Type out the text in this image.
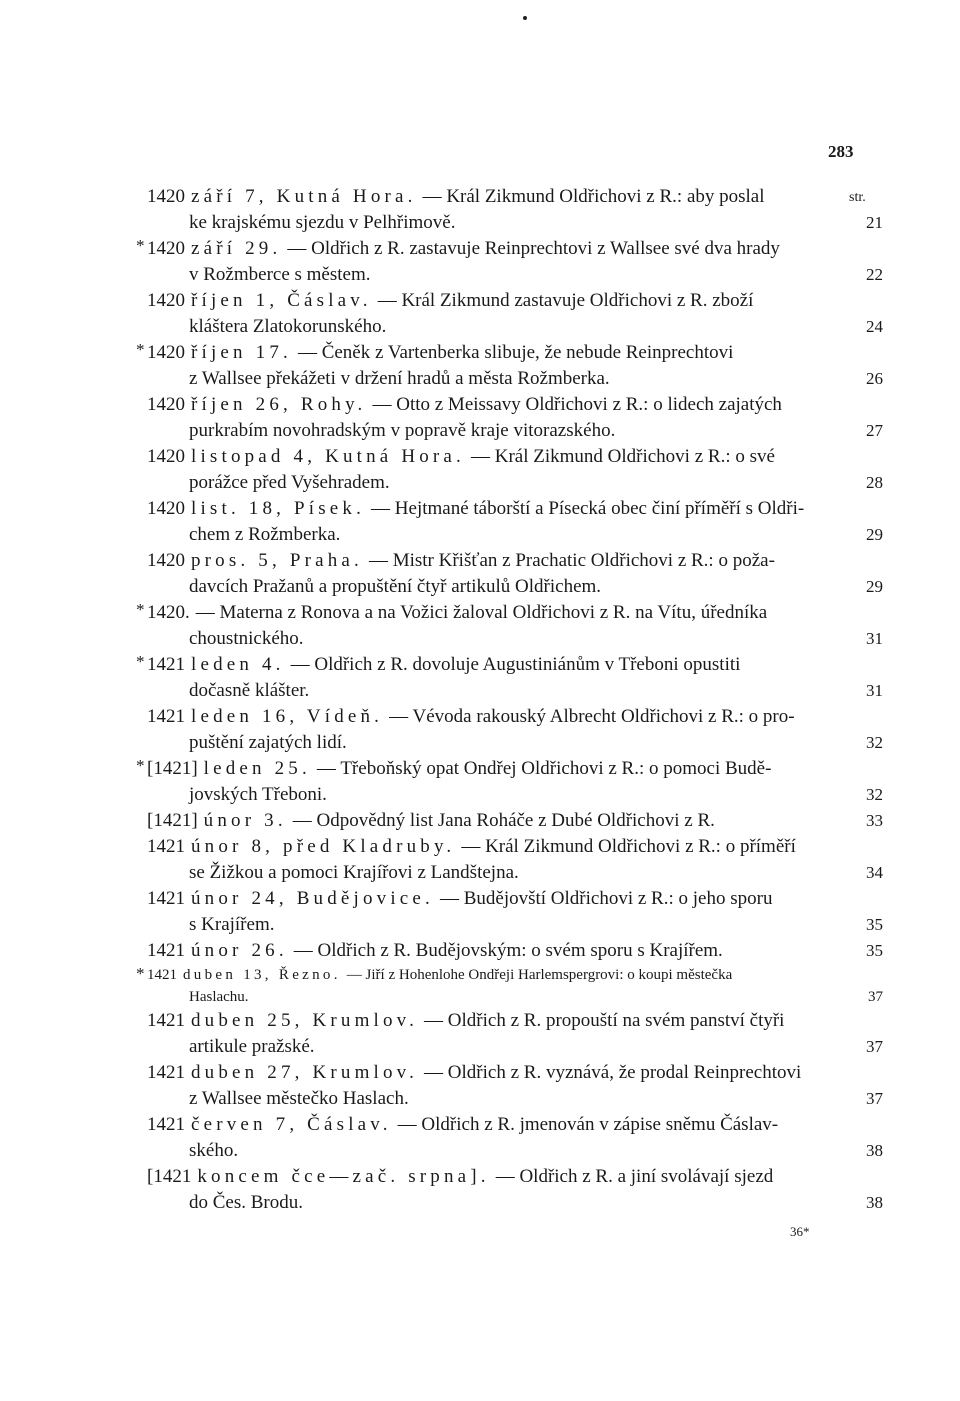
283
str.
1420 září 7, Kutná Hora. — Král Zikmund Oldřichovi z R.: aby poslal
ke krajskému sjezdu v Pelhřimově.	21
* 1420 září 29. — Oldřich z R. zastavuje Reinprechtovi z Wallsee své dva hrady
v Rožmberce s městem.	22
1420 říjen 1, Čáslav. — Král Zikmund zastavuje Oldřichovi z R. zboží
kláštera Zlatokorunského.	24
* 1420 říjen 17. — Čeněk z Vartenberka slibuje, že nebude Reinprechtovi
z Wallsee překážeti v držení hradů a města Rožmberka.	26
1420 říjen 26, Rohy. — Otto z Meissavy Oldřichovi z R.: o lidech zajatých
purkrabím novohradským v popravě kraje vitorazského.	27
1420 listopad 4, Kutná Hora. — Král Zikmund Oldřichovi z R.: o své
porážce před Vyšehradem.	28
1420 list. 18, Písek. — Hejtmané táborští a Písecká obec činí příměří s Oldři-
chem z Rožmberka.	29
1420 pros. 5, Praha. — Mistr Křišťan z Prachatic Oldřichovi z R.: o poža-
davcích Pražanů a propuštění čtyř artikulů Oldřichem.	29
* 1420. — Materna z Ronova a na Vožici žaloval Oldřichovi z R. na Vítu, úředníka
choustnického.	31
* 1421 leden 4. — Oldřich z R. dovoluje Augustiniánům v Třeboni opustiti
dočasně klášter.	31
1421 leden 16, Vídeň. — Vévoda rakouský Albrecht Oldřichovi z R.: o pro-
puštění zajatých lidí.	32
* [1421] leden 25. — Třeboňský opat Ondřej Oldřichovi z R.: o pomoci Budě-
jovských Třeboni.	32
[1421] únor 3. — Odpovědný list Jana Roháče z Dubé Oldřichovi z R.	33
1421 únor 8, před Kladruby. — Král Zikmund Oldřichovi z R.: o příměří
se Žižkou a pomoci Krajířovi z Landštejna.	34
1421 únor 24, Budějovice. — Budějovští Oldřichovi z R.: o jeho sporu
s Krajířem.	35
1421 únor 26. — Oldřich z R. Budějovským: o svém sporu s Krajířem.	35
* 1421 duben 13, Řezno. — Jiří z Hohenlohe Ondřeji Harlemspergrovi: o koupi městečka
Haslachu.	37
1421 duben 25, Krumlov. — Oldřich z R. propouští na svém panství čtyři
artikule pražské.	37
1421 duben 27, Krumlov. — Oldřich z R. vyznává, že prodal Reinprechtovi
z Wallsee městečko Haslach.	37
1421 červen 7, Čáslav. — Oldřich z R. jmenován v zápise sněmu Čáslav-
ského.	38
[1421 koncem čce—zač. srpna]. — Oldřich z R. a jiní svolávají sjezd
do Čes. Brodu.	38
36*
